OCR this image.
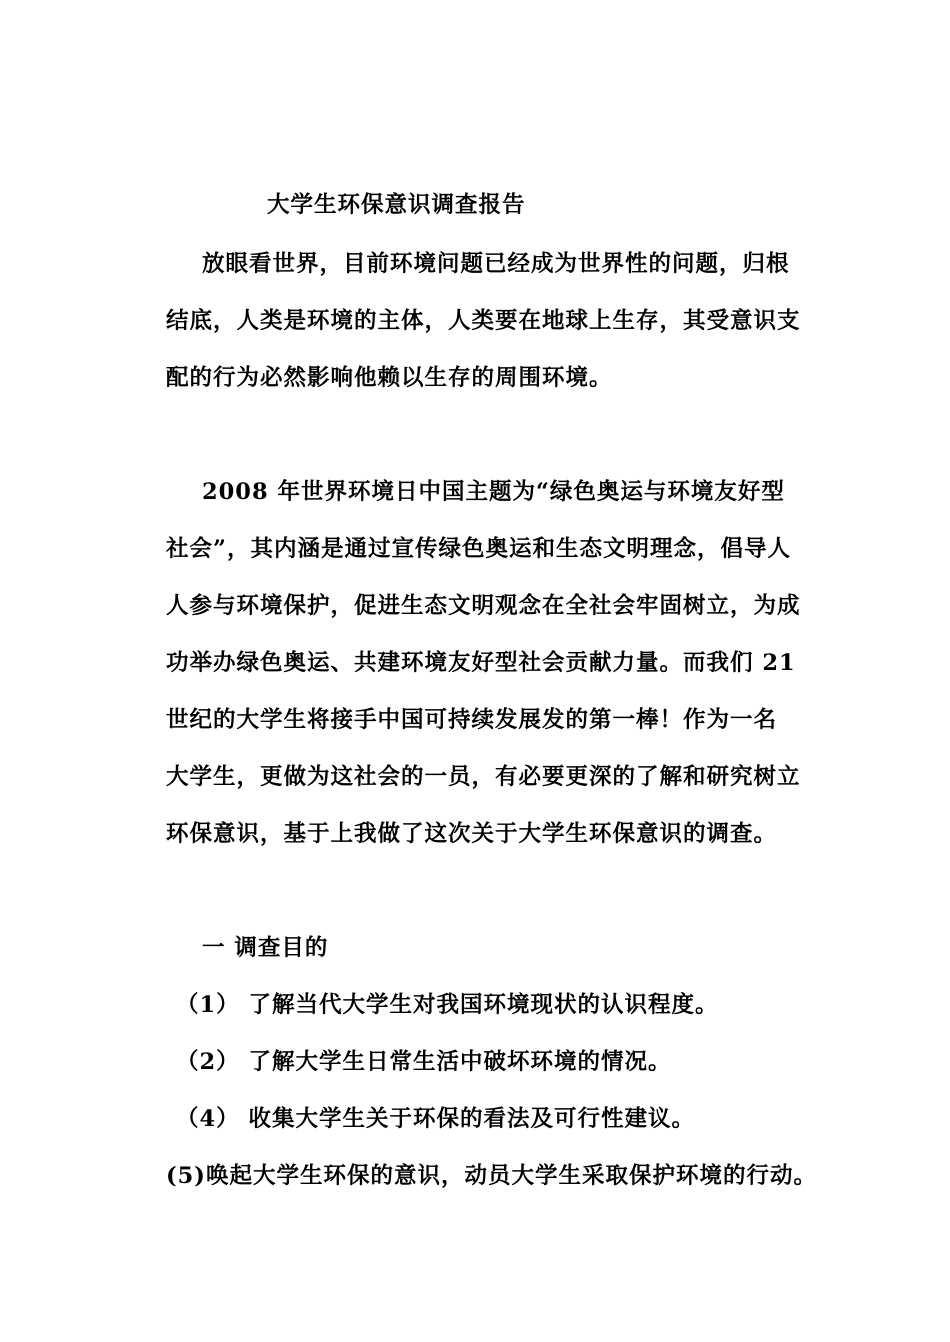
大学生环保意识调查报告
放眼看世界，目前环境问题已经成为世界性的问题，归根
结底，人类是环境的主体，人类要在地球上生存，其受意识支
配的行为必然影响他赖以生存的周围环境。
2008 年世界环境日中国主题为“绿色奥运与环境友好型
社会”，其内涵是通过宣传绿色奥运和生态文明理念，倡导人
人参与环境保护，促进生态文明观念在全社会牢固树立，为成
功举办绿色奥运、共建环境友好型社会贡献力量。而我们 21
世纪的大学生将接手中国可持续发展发的第一棒！作为一名
大学生，更做为这社会的一员，有必要更深的了解和研究树立
环保意识，基于上我做了这次关于大学生环保意识的调查。
一 调查目的
（1） 了解当代大学生对我国环境现状的认识程度。
（2） 了解大学生日常生活中破坏环境的情况。
（4） 收集大学生关于环保的看法及可行性建议。
(5)唤起大学生环保的意识，动员大学生采取保护环境的行动。
